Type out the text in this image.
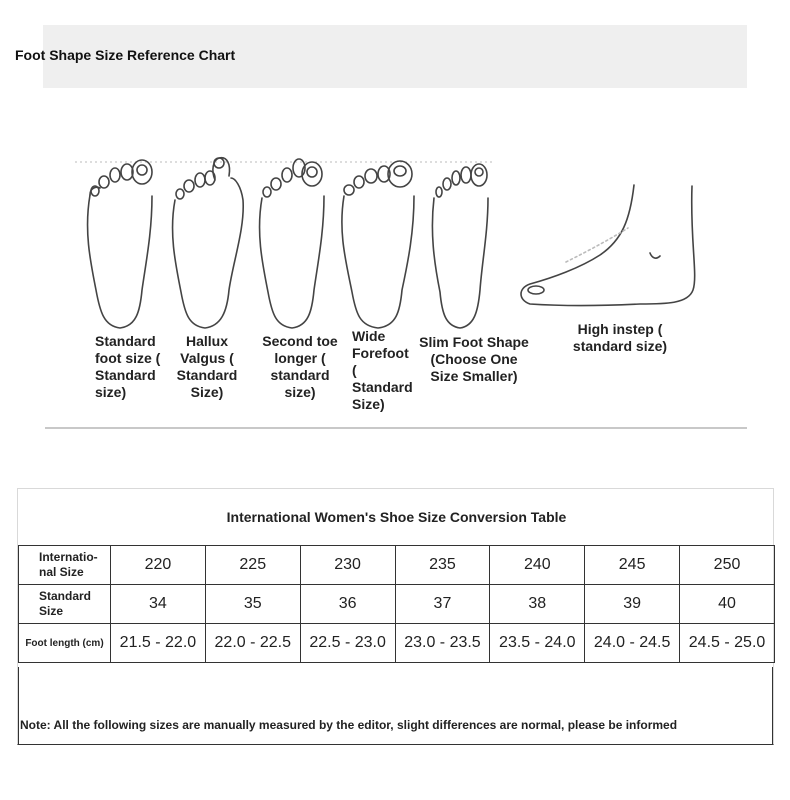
Foot Shape Size Reference Chart
Standard
foot size (
Standard
size)
Hallux
Valgus (
Standard
Size)
Second toe
longer (
standard
size)
Wide
Forefoot
(
Standard
Size)
Slim Foot Shape
(Choose One
Size Smaller)
High instep (
standard size)
International Women's Shoe Size Conversion Table
Internatio-
nal Size	220	225	230	235	240	245	250
Standard
Size	34	35	36	37	38	39	40
Foot length (cm)	21.5 - 22.0	22.0 - 22.5	22.5 - 23.0	23.0 - 23.5	23.5 - 24.0	24.0 - 24.5	24.5 - 25.0
Note: All the following sizes are manually measured by the editor, slight differences are normal, please be informed
